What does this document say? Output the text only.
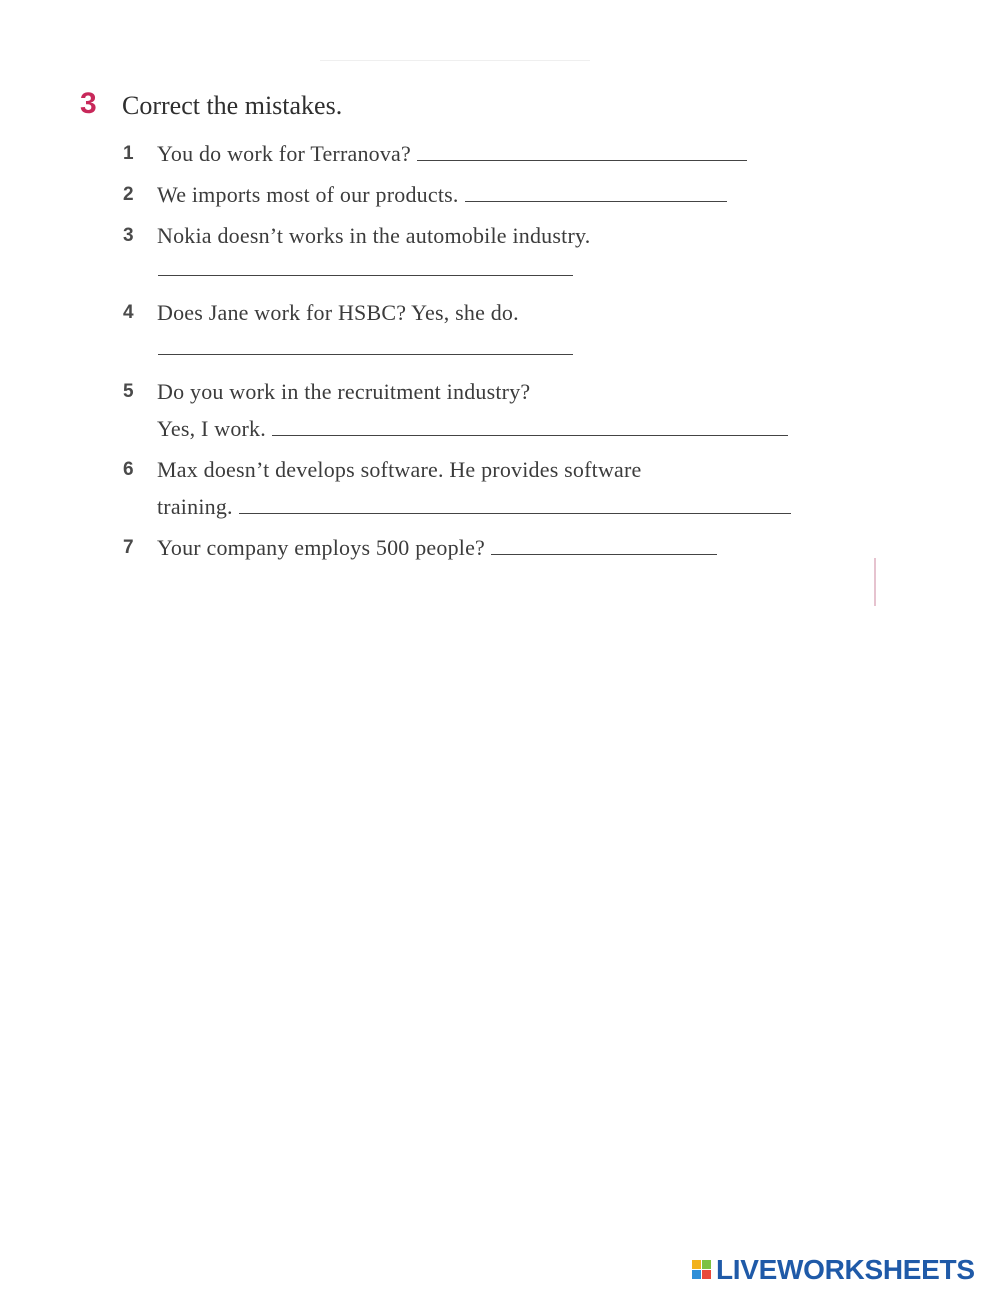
3 Correct the mistakes.
1	You do work for Terranova?
2	We imports most of our products.
3	Nokia doesn’t works in the automobile industry.
4	Does Jane work for HSBC? Yes, she do.
5	Do you work in the recruitment industry?
Yes, I work.
6	Max doesn’t develops software. He provides software
training.
7	Your company employs 500 people?
LIVEWORKSHEETS
